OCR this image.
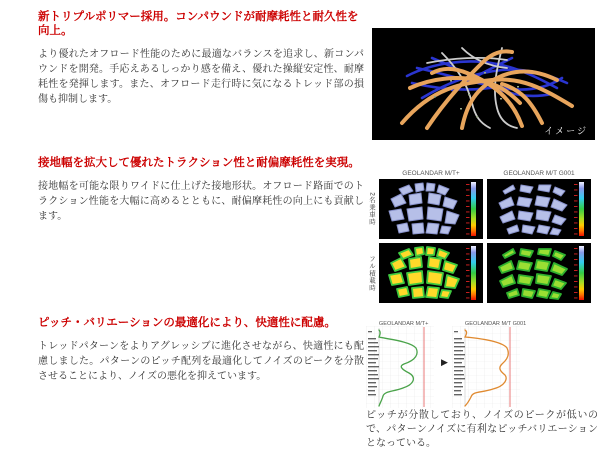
新トリプルポリマー採用。コンパウンドが耐摩耗性と耐久性を向上。

より優れたオフロード性能のために最適なバランスを追求し、新コンパウンドを開発。手応えあるしっかり感を備え、優れた操縦安定性、耐摩耗性を発揮します。また、オフロード走行時に気になるトレッド部の損傷も抑制します。

イメージ
接地幅を拡大して優れたトラクション性と耐偏摩耗性を実現。

接地幅を可能な限りワイドに仕上げた接地形状。オフロード路面でのトラクション性能を大幅に高めるとともに、耐偏摩耗性の向上にも貢献します。

GEOLANDAR M/T+	GEOLANDAR M/T G001
2名乗車時
フル積載時
ピッチ・バリエーションの最適化により、快適性に配慮。

トレッドパターンをよりアグレッシブに進化させながら、快適性にも配慮しました。パターンのピッチ配列を最適化してノイズのピークを分散させることにより、ノイズの悪化を抑えています。

GEOLANDAR M/T+
▶
GEOLANDAR M/T G001
ピッチが分散しており、ノイズのピークが低いので、パターンノイズに有利なピッチバリエーションとなっている。
